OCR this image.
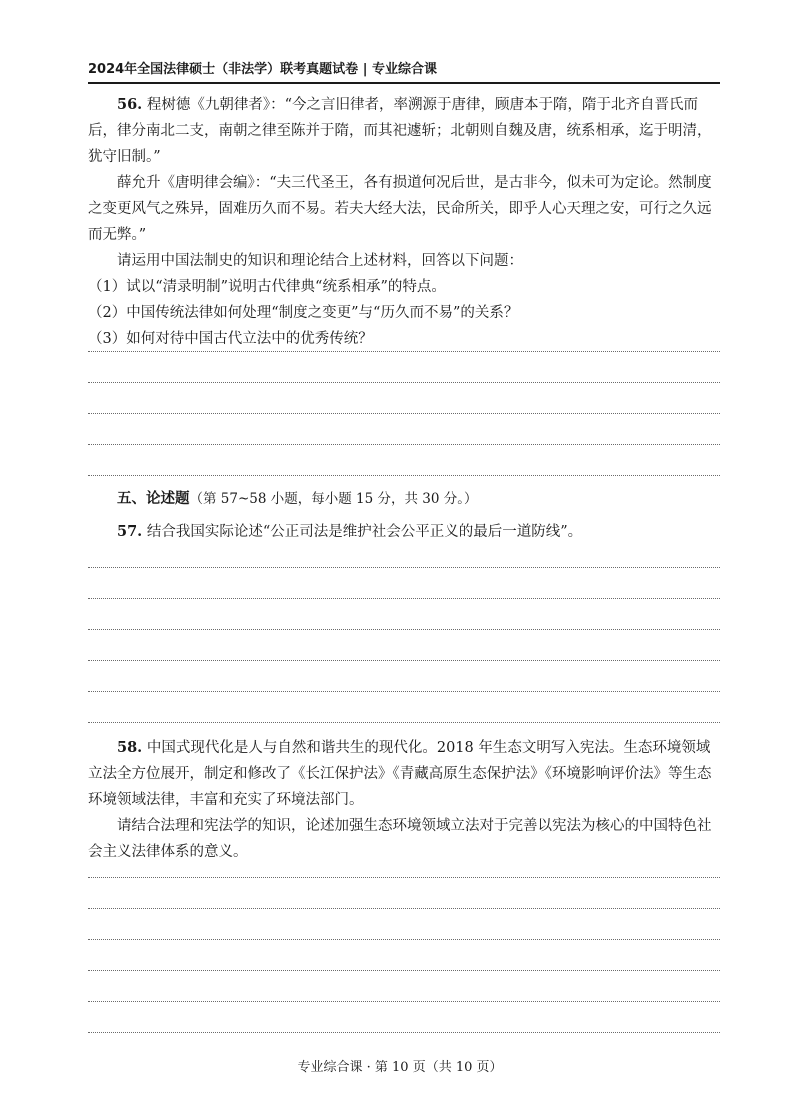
2024年全国法律硕士（非法学）联考真题试卷 | 专业综合课

56. 程树德《九朝律者》：“今之言旧律者，率溯源于唐律，顾唐本于隋，隋于北齐自晋氏而后，律分南北二支，南朝之律至陈并于隋，而其祀遽斩；北朝则自魏及唐，统系相承，迄于明清，犹守旧制。”

薛允升《唐明律会编》：“夫三代圣王，各有损道何况后世，是古非今，似未可为定论。然制度之变更风气之殊异，固难历久而不易。若夫大经大法，民命所关，即乎人心天理之安，可行之久远而无弊。”

请运用中国法制史的知识和理论结合上述材料，回答以下问题：

（1）试以“清录明制”说明古代律典“统系相承”的特点。

（2）中国传统法律如何处理“制度之变更”与“历久而不易”的关系？

（3）如何对待中国古代立法中的优秀传统？

五、论述题（第 57~58 小题，每小题 15 分，共 30 分。）

57. 结合我国实际论述“公正司法是维护社会公平正义的最后一道防线”。

58. 中国式现代化是人与自然和谐共生的现代化。2018 年生态文明写入宪法。生态环境领域立法全方位展开，制定和修改了《长江保护法》《青藏高原生态保护法》《环境影响评价法》等生态环境领域法律，丰富和充实了环境法部门。

请结合法理和宪法学的知识，论述加强生态环境领域立法对于完善以宪法为核心的中国特色社会主义法律体系的意义。

专业综合课 · 第 10 页（共 10 页）
